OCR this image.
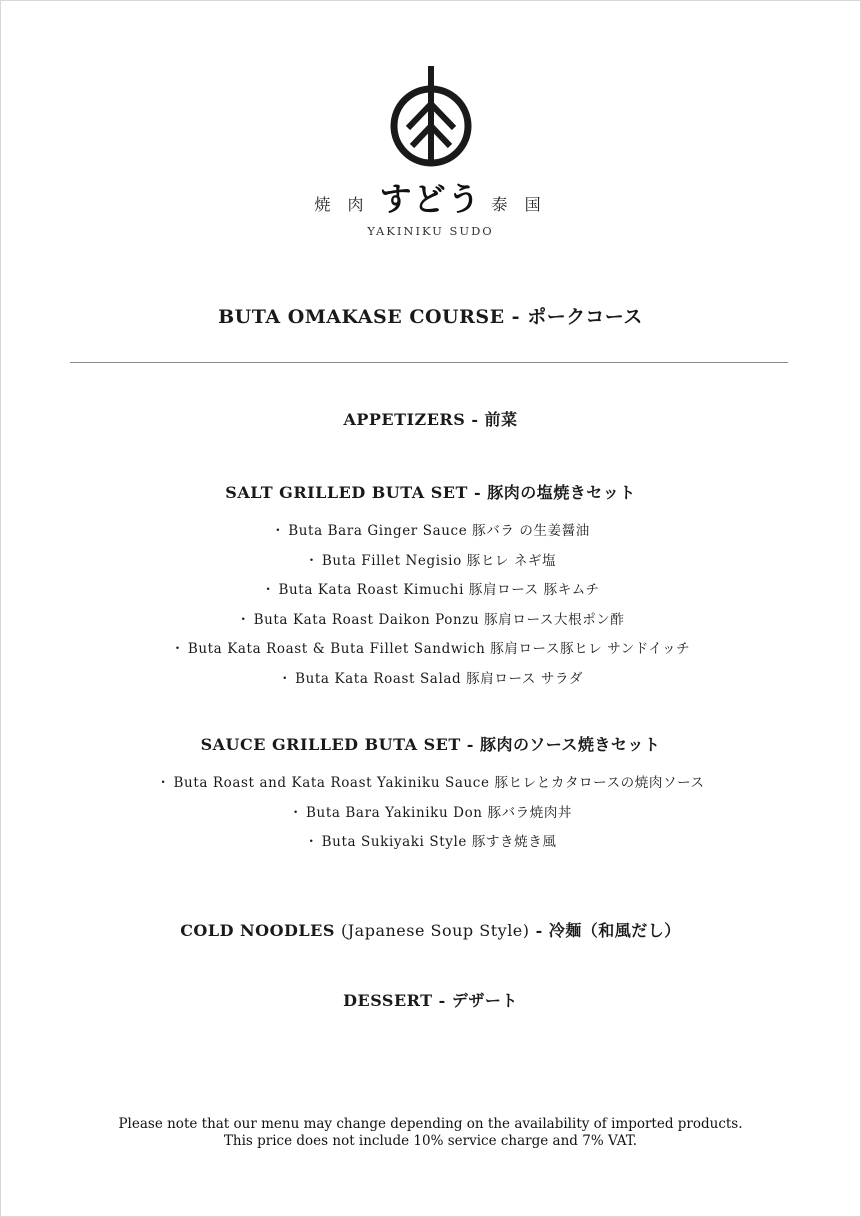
焼 肉 すどう 泰 国
YAKINIKU SUDO
BUTA OMAKASE COURSE - ポークコース
APPETIZERS - 前菜
SALT GRILLED BUTA SET - 豚肉の塩焼きセット
・ Buta Bara Ginger Sauce 豚バラ の生姜醤油
・ Buta Fillet Negisio 豚ヒレ ネギ塩
・ Buta Kata Roast Kimuchi 豚肩ロース 豚キムチ
・ Buta Kata Roast Daikon Ponzu 豚肩ロース大根ポン酢
・ Buta Kata Roast & Buta Fillet Sandwich 豚肩ロース豚ヒレ サンドイッチ
・ Buta Kata Roast Salad 豚肩ロース サラダ
SAUCE GRILLED BUTA SET - 豚肉のソース焼きセット
・ Buta Roast and Kata Roast Yakiniku Sauce 豚ヒレとカタロースの焼肉ソース
・ Buta Bara Yakiniku Don 豚バラ焼肉丼
・ Buta Sukiyaki Style 豚すき焼き風
COLD NOODLES (Japanese Soup Style) - 冷麺（和風だし）
DESSERT - デザート
Please note that our menu may change depending on the availability of imported products.
This price does not include 10% service charge and 7% VAT.
